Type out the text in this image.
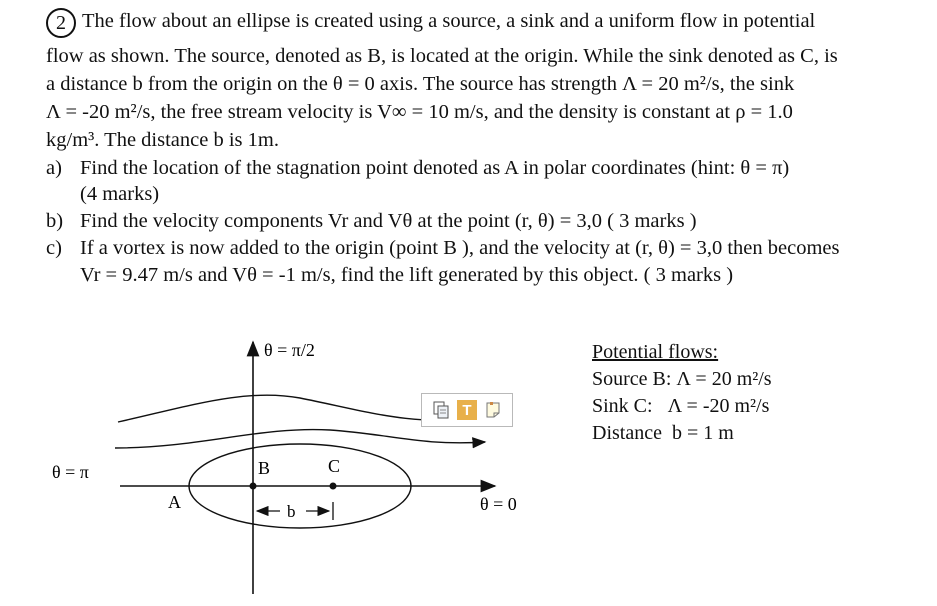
2 The flow about an ellipse is created using a source, a sink and a uniform flow in potential
flow as shown. The source, denoted as B, is located at the origin. While the sink denoted as C, is
a distance b from the origin on the θ = 0 axis. The source has strength Λ = 20 m²/s, the sink
Λ = -20 m²/s, the free stream velocity is V∞ = 10 m/s, and the density is constant at ρ = 1.0
kg/m³. The distance b is 1m.
a) Find the location of the stagnation point denoted as A in polar coordinates (hint: θ = π)
(4 marks)
b) Find the velocity components Vr and Vθ at the point (r, θ) = 3,0 ( 3 marks )
c) If a vortex is now added to the origin (point B ), and the velocity at (r, θ) = 3,0 then becomes
Vr = 9.47 m/s and Vθ = -1 m/s, find the lift generated by this object. ( 3 marks )
θ = π/2
θ = π
θ = 0
A
B	C
b
T
Potential flows:
Source B: Λ = 20 m²/s
Sink C:   Λ = -20 m²/s
Distance  b = 1 m
